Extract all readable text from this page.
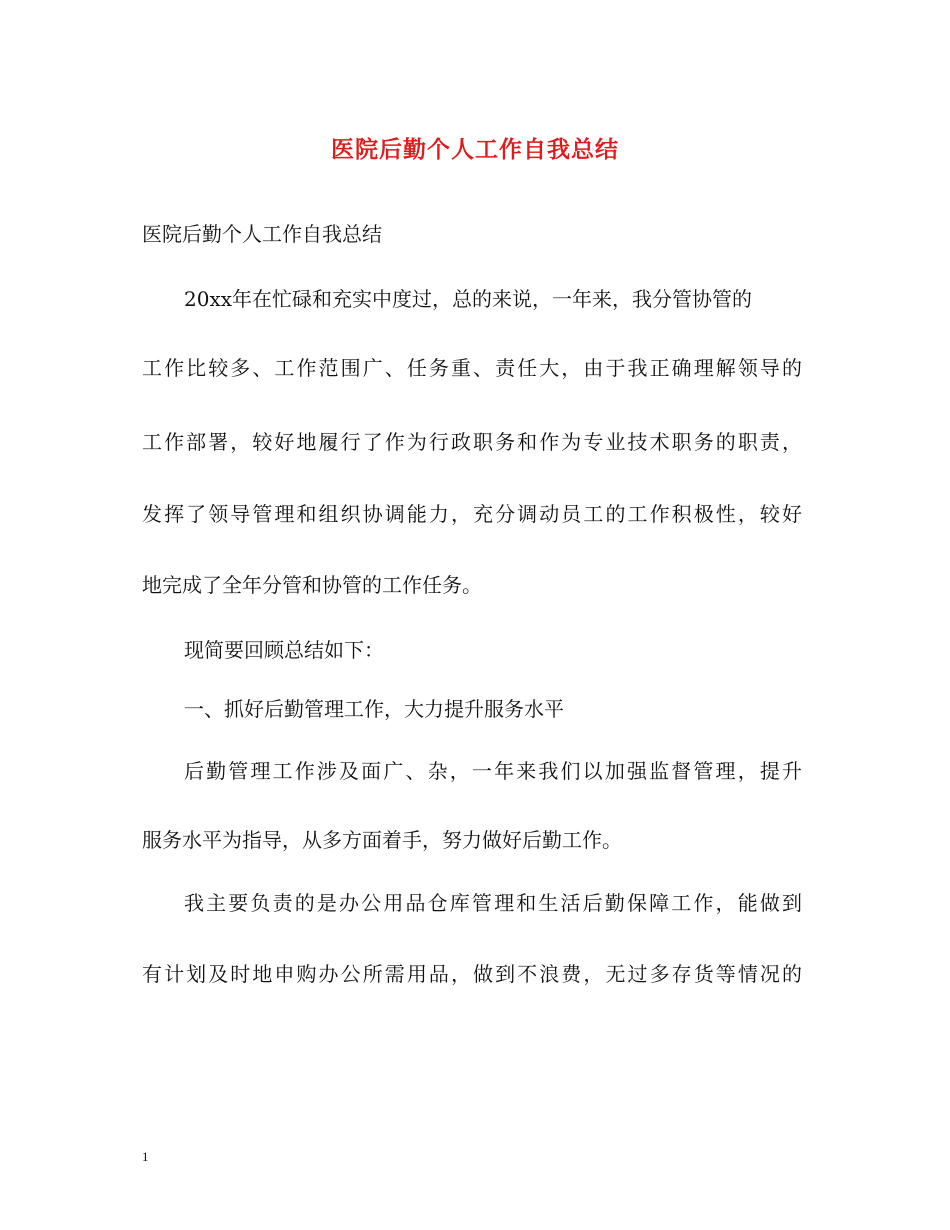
医院后勤个人工作自我总结
医院后勤个人工作自我总结
20xx年在忙碌和充实中度过，总的来说，一年来，我分管协管的
工作比较多、工作范围广、任务重、责任大，由于我正确理解领导的
工作部署，较好地履行了作为行政职务和作为专业技术职务的职责，
发挥了领导管理和组织协调能力，充分调动员工的工作积极性，较好
地完成了全年分管和协管的工作任务。
现简要回顾总结如下：
一、抓好后勤管理工作，大力提升服务水平
后勤管理工作涉及面广、杂，一年来我们以加强监督管理，提升
服务水平为指导，从多方面着手，努力做好后勤工作。
我主要负责的是办公用品仓库管理和生活后勤保障工作，能做到
有计划及时地申购办公所需用品，做到不浪费，无过多存货等情况的
1
